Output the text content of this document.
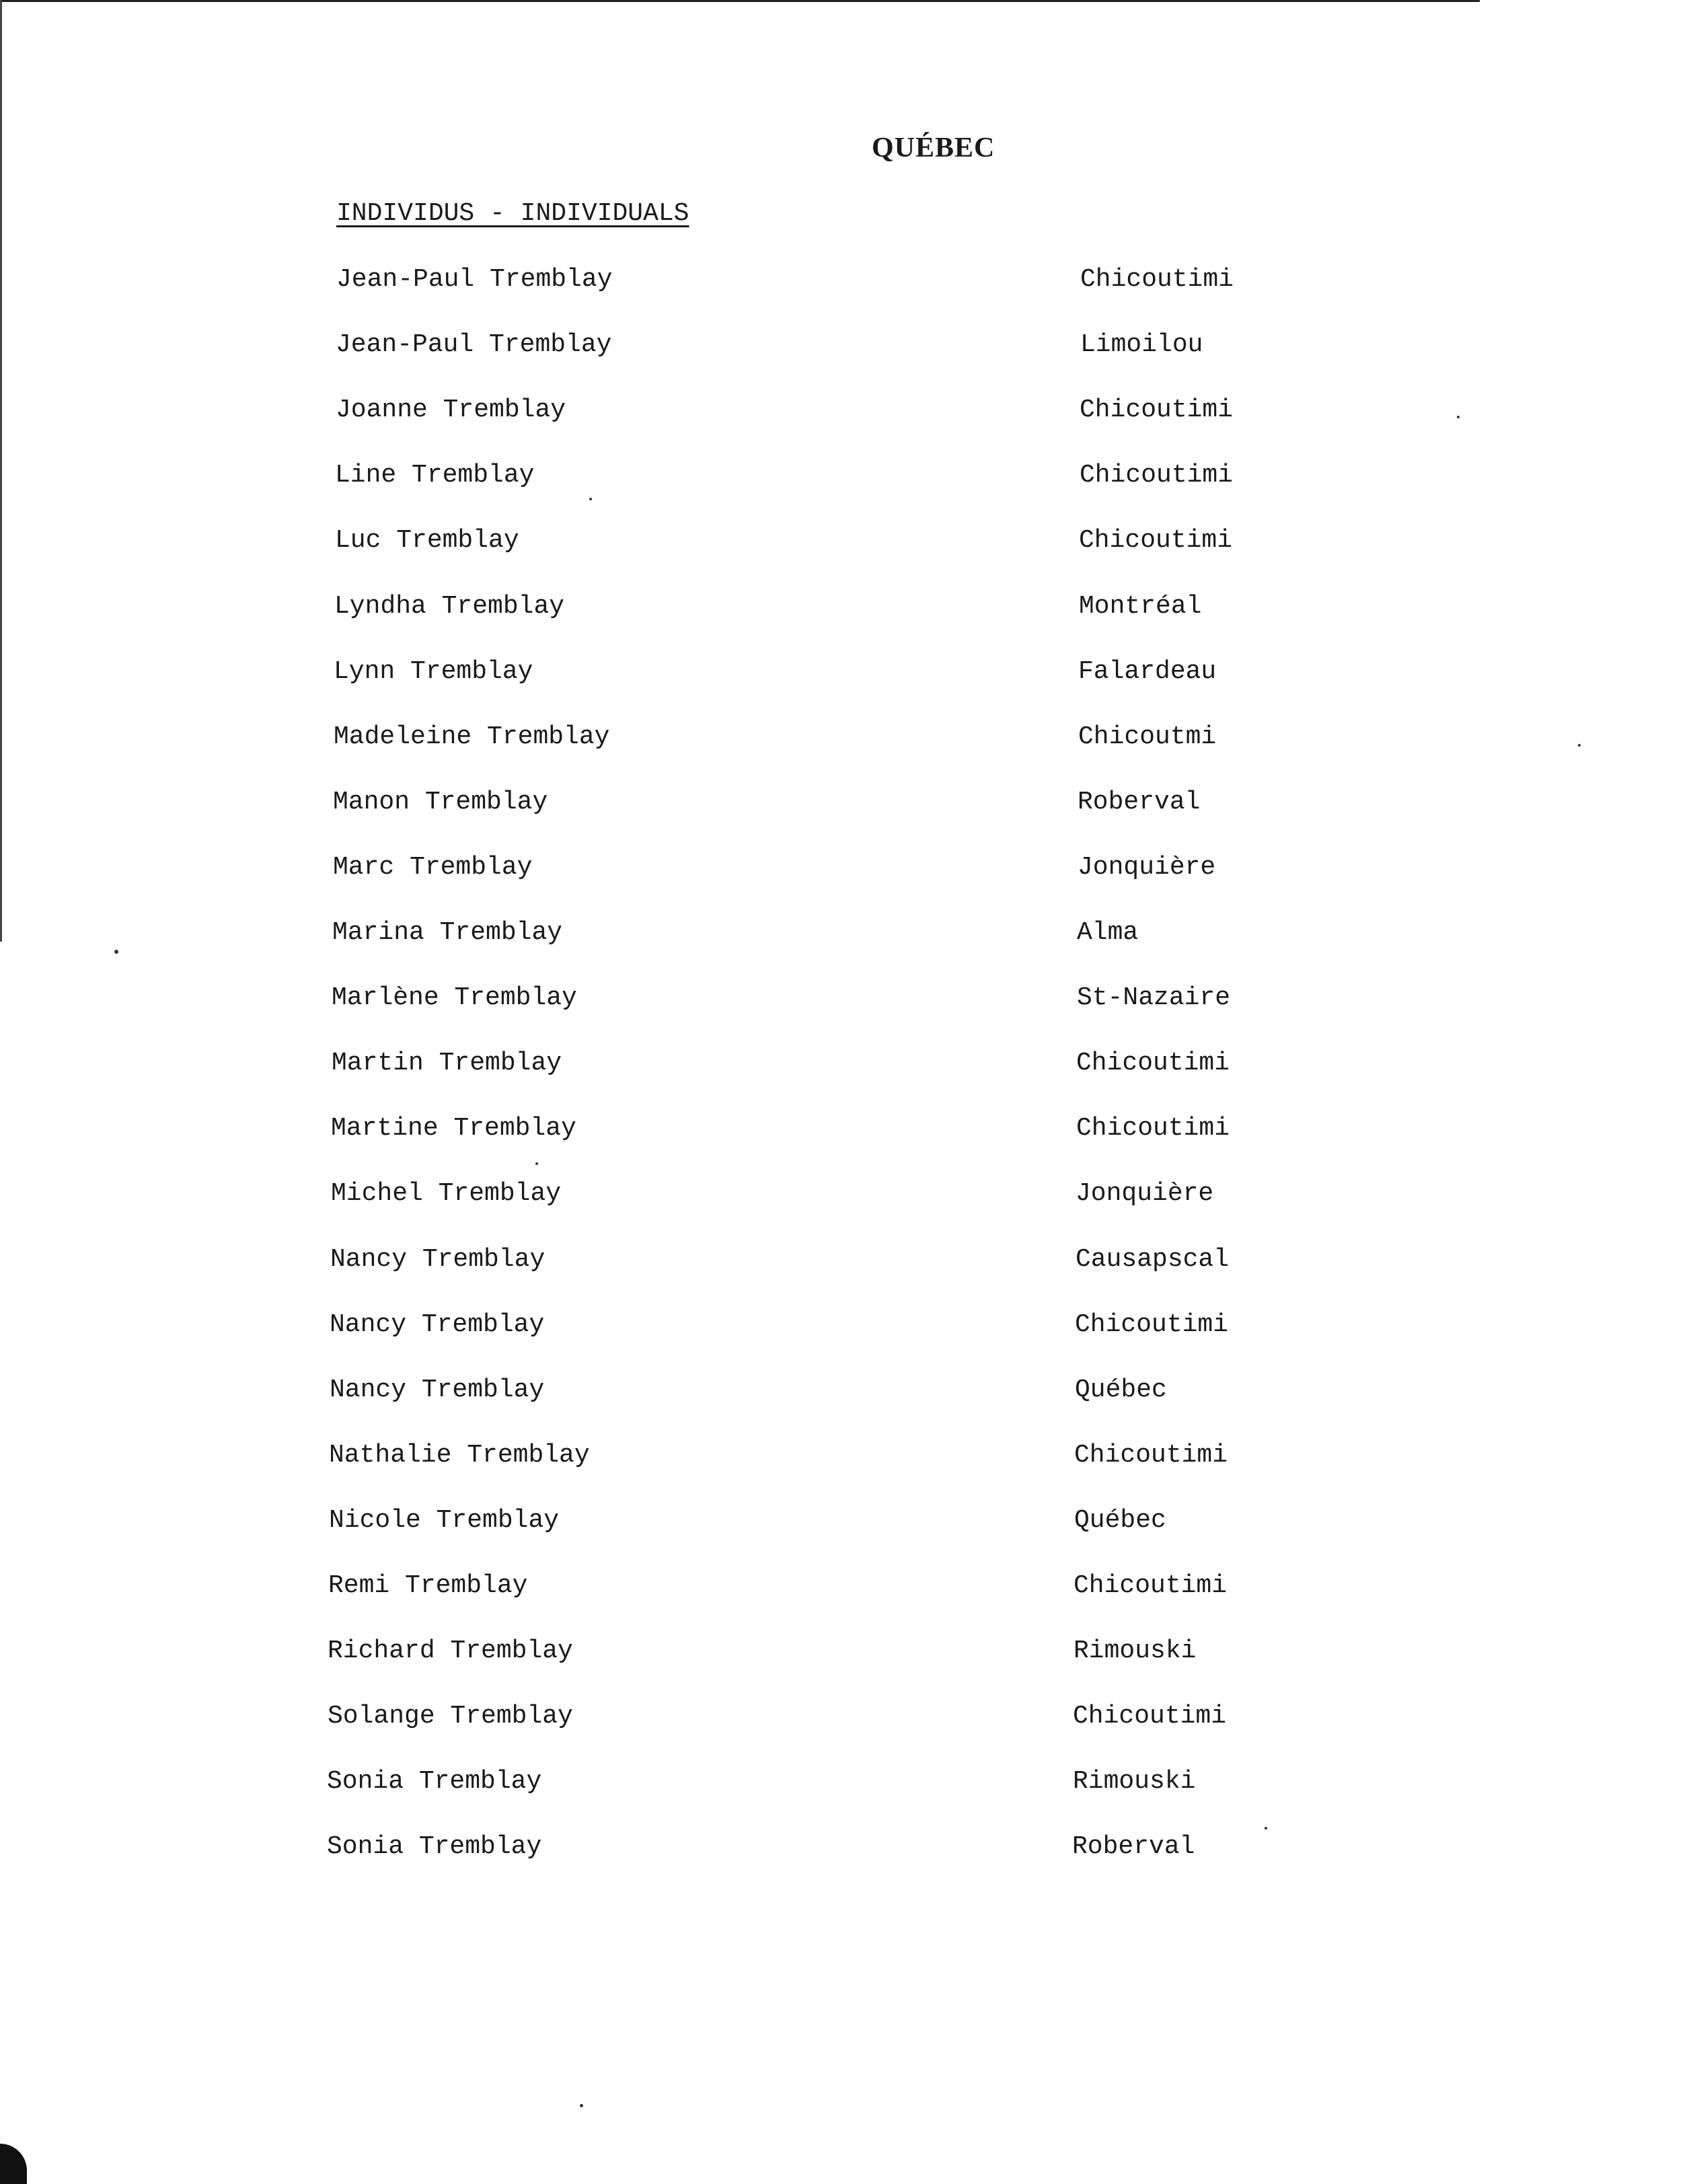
QUÉBEC
INDIVIDUS - INDIVIDUALS
Jean-Paul Tremblay	Chicoutimi
Jean-Paul Tremblay	Limoilou
Joanne Tremblay	Chicoutimi
Line Tremblay	Chicoutimi
Luc Tremblay	Chicoutimi
Lyndha Tremblay	Montréal
Lynn Tremblay	Falardeau
Madeleine Tremblay	Chicoutmi
Manon Tremblay	Roberval
Marc Tremblay	Jonquière
Marina Tremblay	Alma
Marlène Tremblay	St-Nazaire
Martin Tremblay	Chicoutimi
Martine Tremblay	Chicoutimi
Michel Tremblay	Jonquière
Nancy Tremblay	Causapscal
Nancy Tremblay	Chicoutimi
Nancy Tremblay	Québec
Nathalie Tremblay	Chicoutimi
Nicole Tremblay	Québec
Remi Tremblay	Chicoutimi
Richard Tremblay	Rimouski
Solange Tremblay	Chicoutimi
Sonia Tremblay	Rimouski
Sonia Tremblay	Roberval
